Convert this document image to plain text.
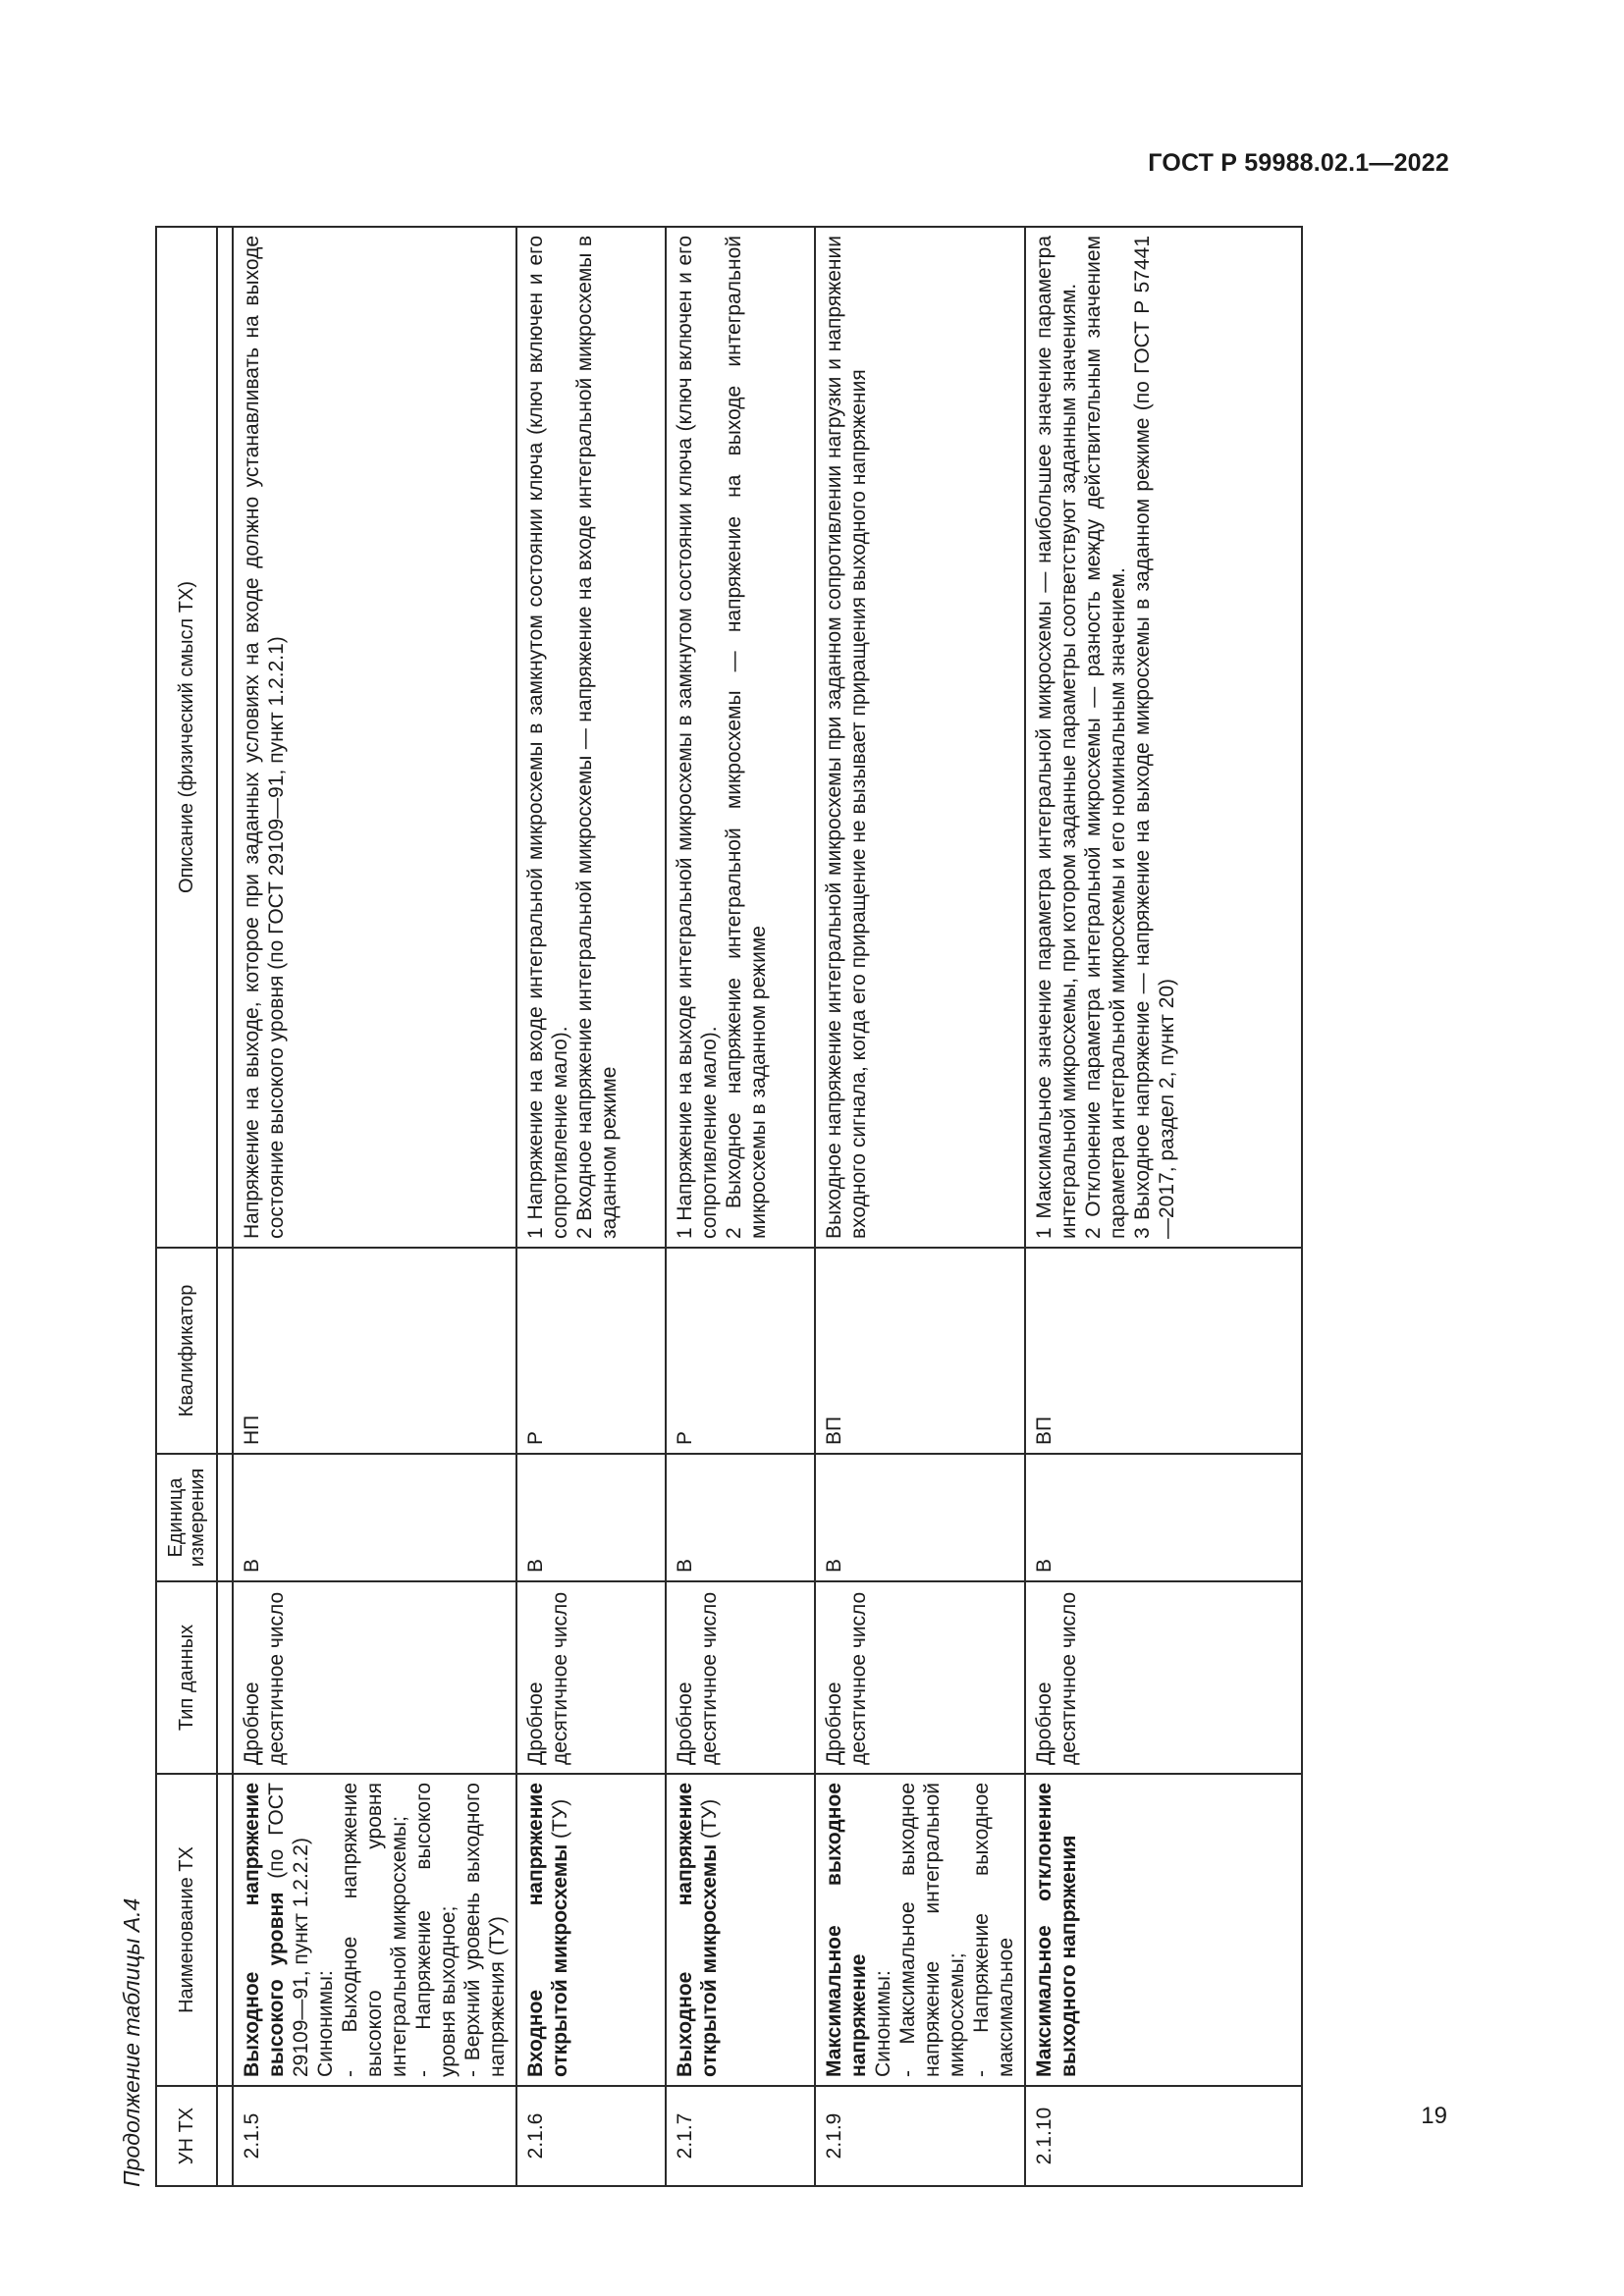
ГОСТ Р 59988.02.1—2022
Продолжение таблицы А.4	УН ТХ	Наименование ТХ	Тип данных	Единица измерения	Квалификатор	Описание (физический смысл ТХ)

2.1.5	Выходное напряжение высокого уровня (по ГОСТ 29109—91, пункт 1.2.2.2) Синонимы: - Выходное напряжение высокого уровня интегральной микросхемы; - Напряжение высокого уровня выходное; - Верхний уровень выходного напряжения (ТУ)	Дробное десятичное число	В	НП	Напряжение на выходе, которое при заданных условиях на входе должно устанавливать на выходе состояние высокого уровня (по ГОСТ 29109—91, пункт 1.2.2.1)

2.1.6	Входное напряжение открытой микросхемы (ТУ)	Дробное десятичное число	В	Р	1 Напряжение на входе интегральной микросхемы в замкнутом состоянии ключа (ключ включен и его сопротивление мало). 2 Входное напряжение интегральной микросхемы — напряжение на входе интегральной микросхемы в заданном режиме

2.1.7	Выходное напряжение открытой микросхемы (ТУ)	Дробное десятичное число	В	Р	1 Напряжение на выходе интегральной микросхемы в замкнутом состоянии ключа (ключ включен и его сопротивление мало). 2 Выходное напряжение интегральной микросхемы — напряжение на выходе интегральной микросхемы в заданном режиме

2.1.9	Максимальное выходное напряжение Синонимы: - Максимальное выходное напряжение интегральной микросхемы; - Напряжение выходное максимальное	Дробное десятичное число	В	ВП	Выходное напряжение интегральной микросхемы при заданном сопротивлении нагрузки и напряжении входного сигнала, когда его приращение не вызывает приращения выходного напряжения

2.1.10	Максимальное отклонение выходного напряжения	Дробное десятичное число	В	ВП	1 Максимальное значение параметра интегральной микросхемы — наибольшее значение параметра интегральной микросхемы, при котором заданные параметры соответствуют заданным значениям. 2 Отклонение параметра интегральной микросхемы — разность между действительным значением параметра интегральной микросхемы и его номинальным значением. 3 Выходное напряжение — напряжение на выходе микросхемы в заданном режиме (по ГОСТ Р 57441—2017, раздел 2, пункт 20)
19
